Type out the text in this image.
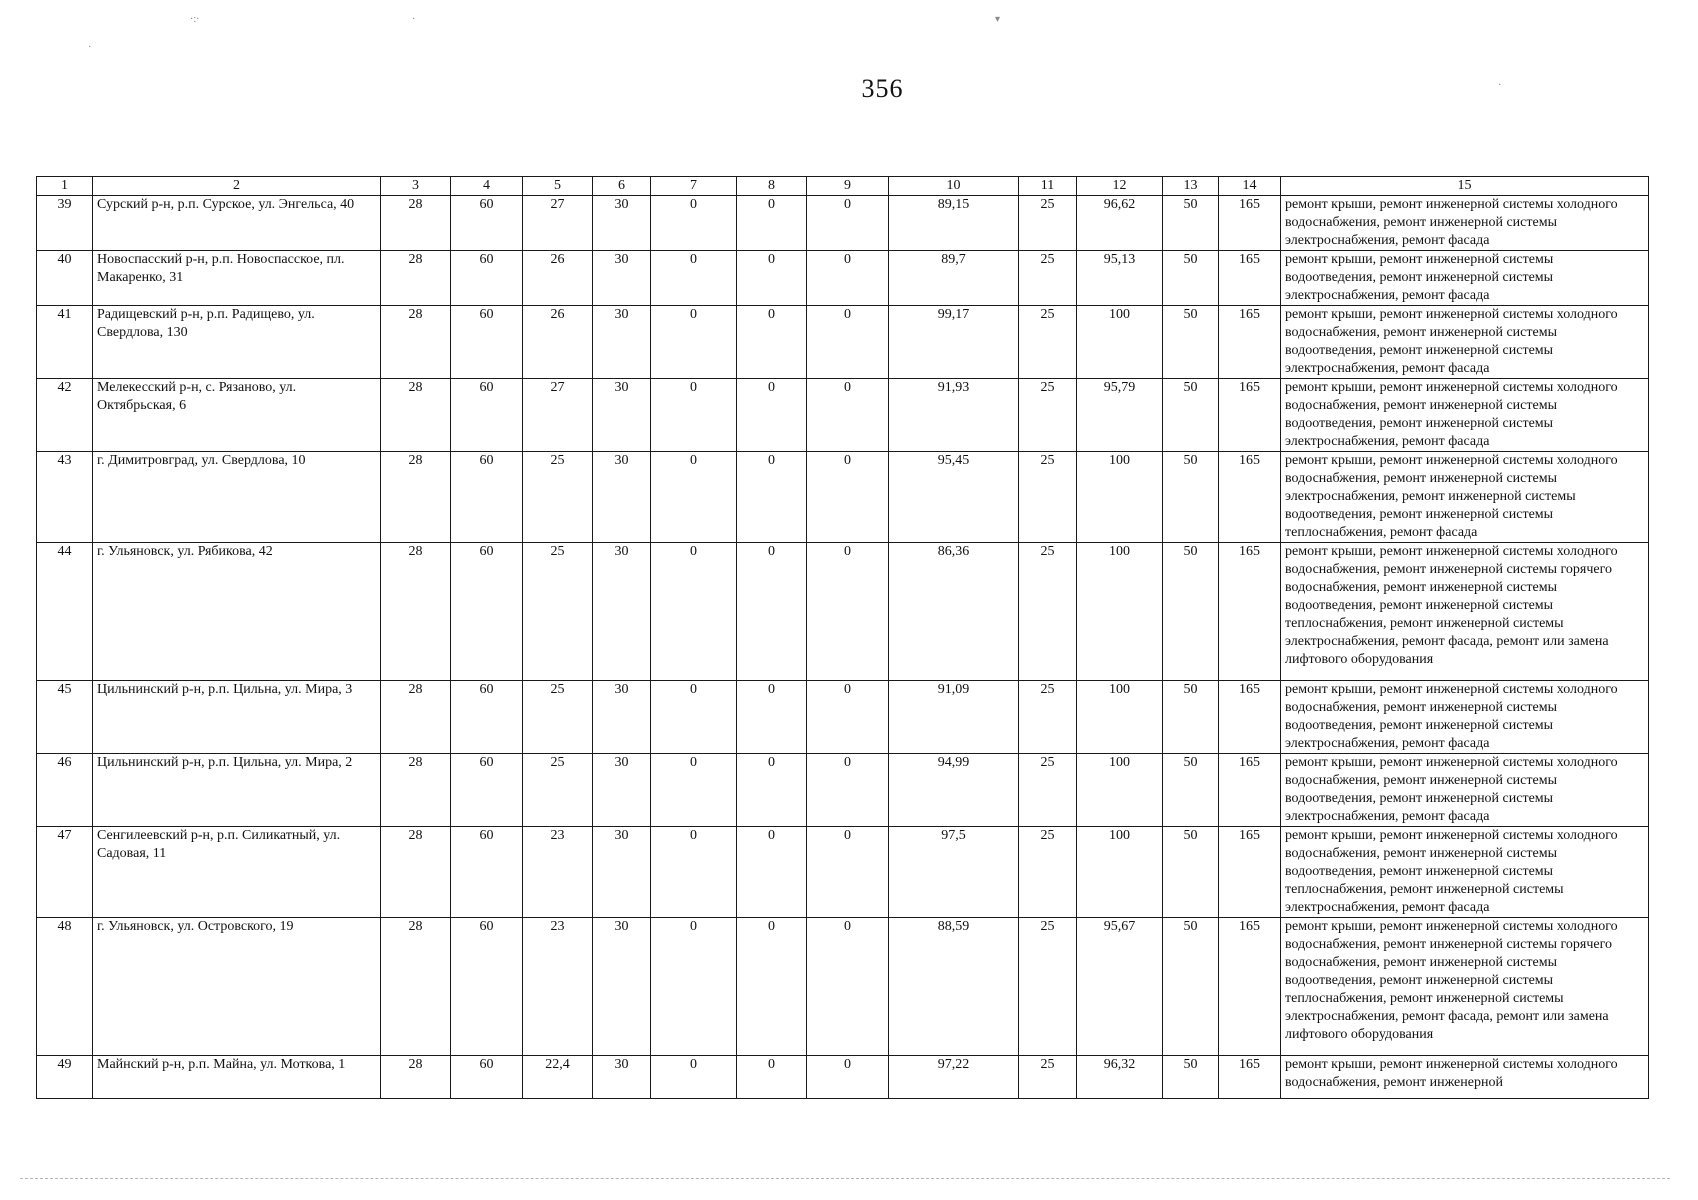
356
·:·	·	▾
·
·
1	2	3	4	5	6	7	8	9	10	11	12	13	14	15
39	Сурский р-н, р.п. Сурское, ул. Энгельса, 40	28	60	27	30	0	0	0	89,15	25	96,62	50	165	ремонт крыши, ремонт инженерной системы холодного водоснабжения, ремонт инженерной системы электроснабжения, ремонт фасада
40	Новоспасский р-н, р.п. Новоспасское, пл. Макаренко, 31	28	60	26	30	0	0	0	89,7	25	95,13	50	165	ремонт крыши, ремонт инженерной системы водоотведения, ремонт инженерной системы электроснабжения, ремонт фасада
41	Радищевский р-н, р.п. Радищево, ул. Свердлова, 130	28	60	26	30	0	0	0	99,17	25	100	50	165	ремонт крыши, ремонт инженерной системы холодного водоснабжения, ремонт инженерной системы водоотведения, ремонт инженерной системы электроснабжения, ремонт фасада
42	Мелекесский р-н, с. Рязаново, ул. Октябрьская, 6	28	60	27	30	0	0	0	91,93	25	95,79	50	165	ремонт крыши, ремонт инженерной системы холодного водоснабжения, ремонт инженерной системы водоотведения, ремонт инженерной системы электроснабжения, ремонт фасада
43	г. Димитровград, ул. Свердлова, 10	28	60	25	30	0	0	0	95,45	25	100	50	165	ремонт крыши, ремонт инженерной системы холодного водоснабжения, ремонт инженерной системы электроснабжения, ремонт инженерной системы водоотведения, ремонт инженерной системы теплоснабжения, ремонт фасада
44	г. Ульяновск, ул. Рябикова, 42	28	60	25	30	0	0	0	86,36	25	100	50	165	ремонт крыши, ремонт инженерной системы холодного водоснабжения, ремонт инженерной системы горячего водоснабжения, ремонт инженерной системы водоотведения, ремонт инженерной системы теплоснабжения, ремонт инженерной системы электроснабжения, ремонт фасада, ремонт или замена лифтового оборудования
45	Цильнинский р-н, р.п. Цильна, ул. Мира, 3	28	60	25	30	0	0	0	91,09	25	100	50	165	ремонт крыши, ремонт инженерной системы холодного водоснабжения, ремонт инженерной системы водоотведения, ремонт инженерной системы электроснабжения, ремонт фасада
46	Цильнинский р-н, р.п. Цильна, ул. Мира, 2	28	60	25	30	0	0	0	94,99	25	100	50	165	ремонт крыши, ремонт инженерной системы холодного водоснабжения, ремонт инженерной системы водоотведения, ремонт инженерной системы электроснабжения, ремонт фасада
47	Сенгилеевский р-н, р.п. Силикатный, ул. Садовая, 11	28	60	23	30	0	0	0	97,5	25	100	50	165	ремонт крыши, ремонт инженерной системы холодного водоснабжения, ремонт инженерной системы водоотведения, ремонт инженерной системы теплоснабжения, ремонт инженерной системы электроснабжения, ремонт фасада
48	г. Ульяновск, ул. Островского, 19	28	60	23	30	0	0	0	88,59	25	95,67	50	165	ремонт крыши, ремонт инженерной системы холодного водоснабжения, ремонт инженерной системы горячего водоснабжения, ремонт инженерной системы водоотведения, ремонт инженерной системы теплоснабжения, ремонт инженерной системы электроснабжения, ремонт фасада, ремонт или замена лифтового оборудования
49	Майнский р-н, р.п. Майна, ул. Моткова, 1	28	60	22,4	30	0	0	0	97,22	25	96,32	50	165	ремонт крыши, ремонт инженерной системы холодного водоснабжения, ремонт инженерной
